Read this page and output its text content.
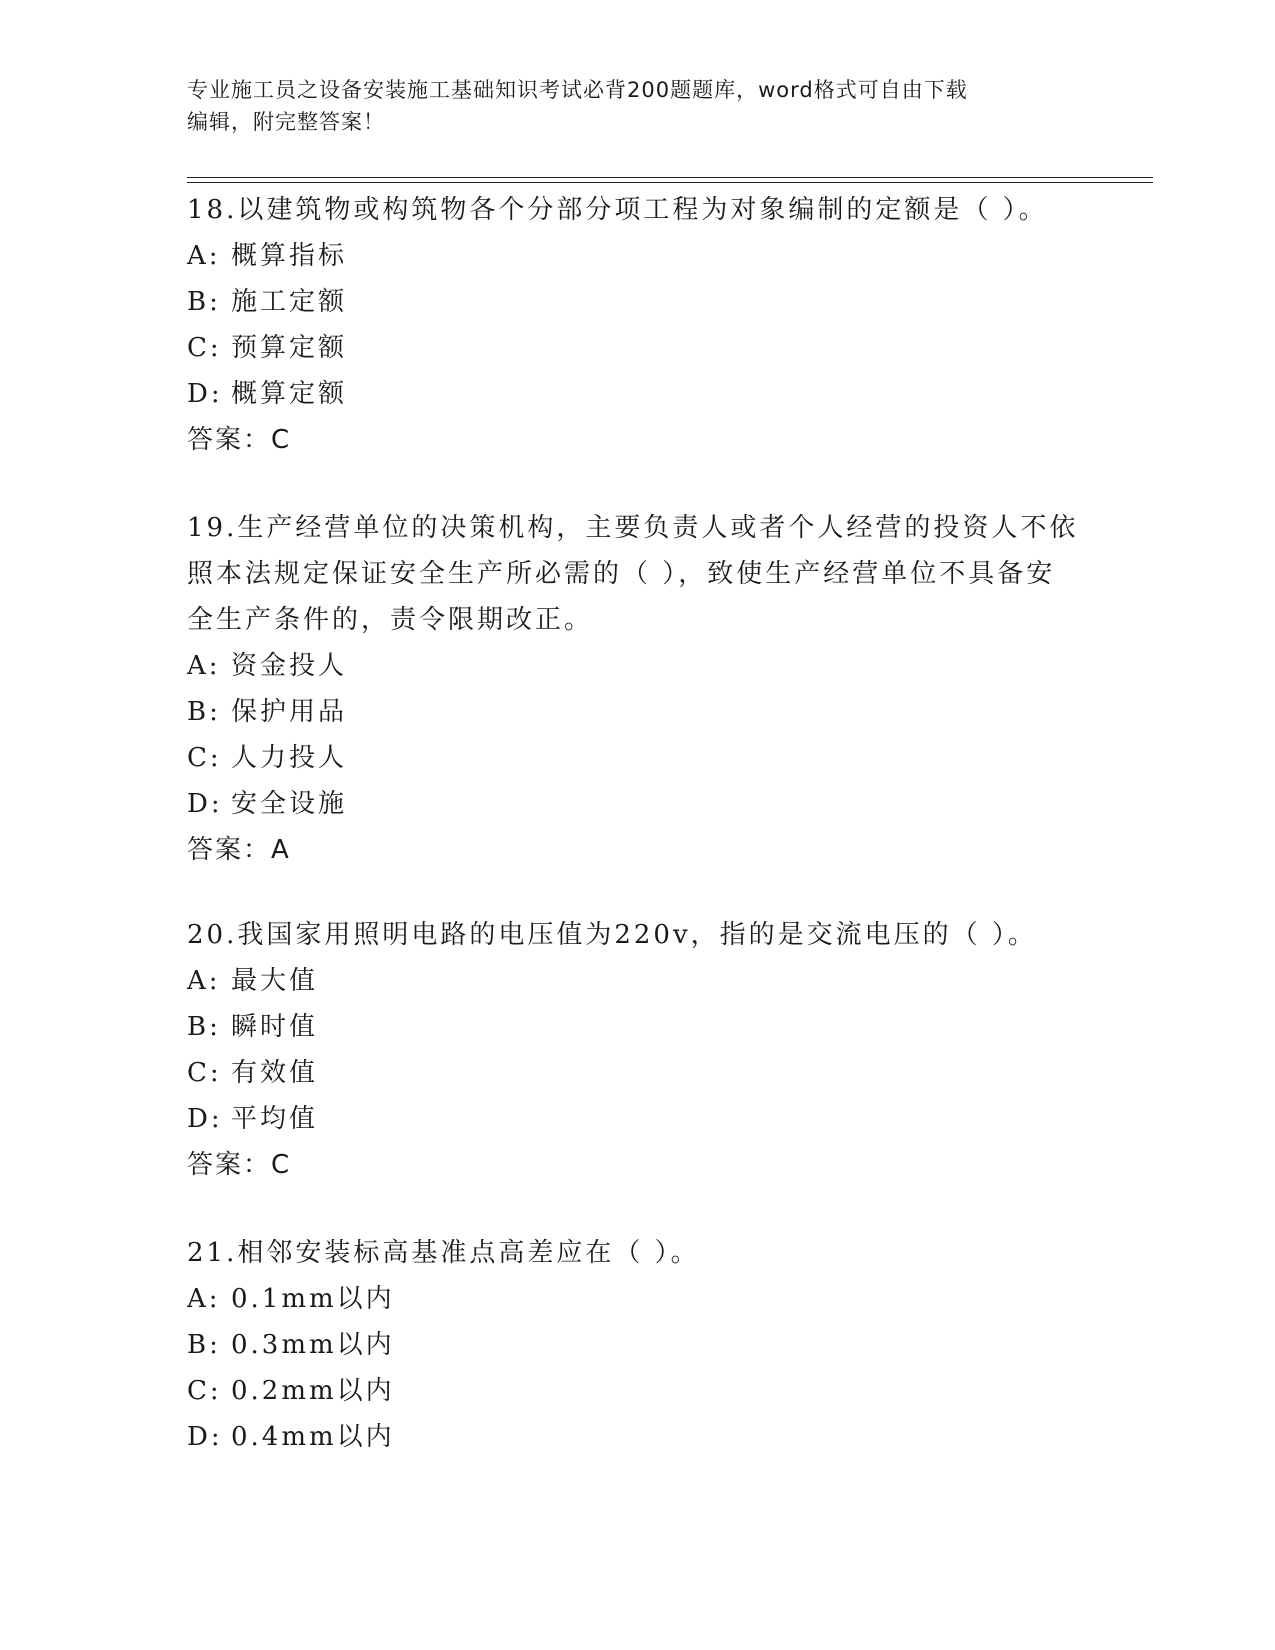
专业施工员之设备安装施工基础知识考试必背200题题库，word格式可自由下载
编辑，附完整答案！

18.以建筑物或构筑物各个分部分项工程为对象编制的定额是（ ）。

A: 概算指标

B: 施工定额

C: 预算定额

D: 概算定额

答案：C

19.生产经营单位的决策机构，主要负责人或者个人经营的投资人不依

照本法规定保证安全生产所必需的（ ），致使生产经营单位不具备安

全生产条件的，责令限期改正。

A: 资金投人

B: 保护用品

C: 人力投人

D: 安全设施

答案：A

20.我国家用照明电路的电压值为220v，指的是交流电压的（ ）。

A: 最大值

B: 瞬时值

C: 有效值

D: 平均值

答案：C

21.相邻安装标高基准点高差应在（ ）。

A: 0.1mm以内

B: 0.3mm以内

C: 0.2mm以内

D: 0.4mm以内
